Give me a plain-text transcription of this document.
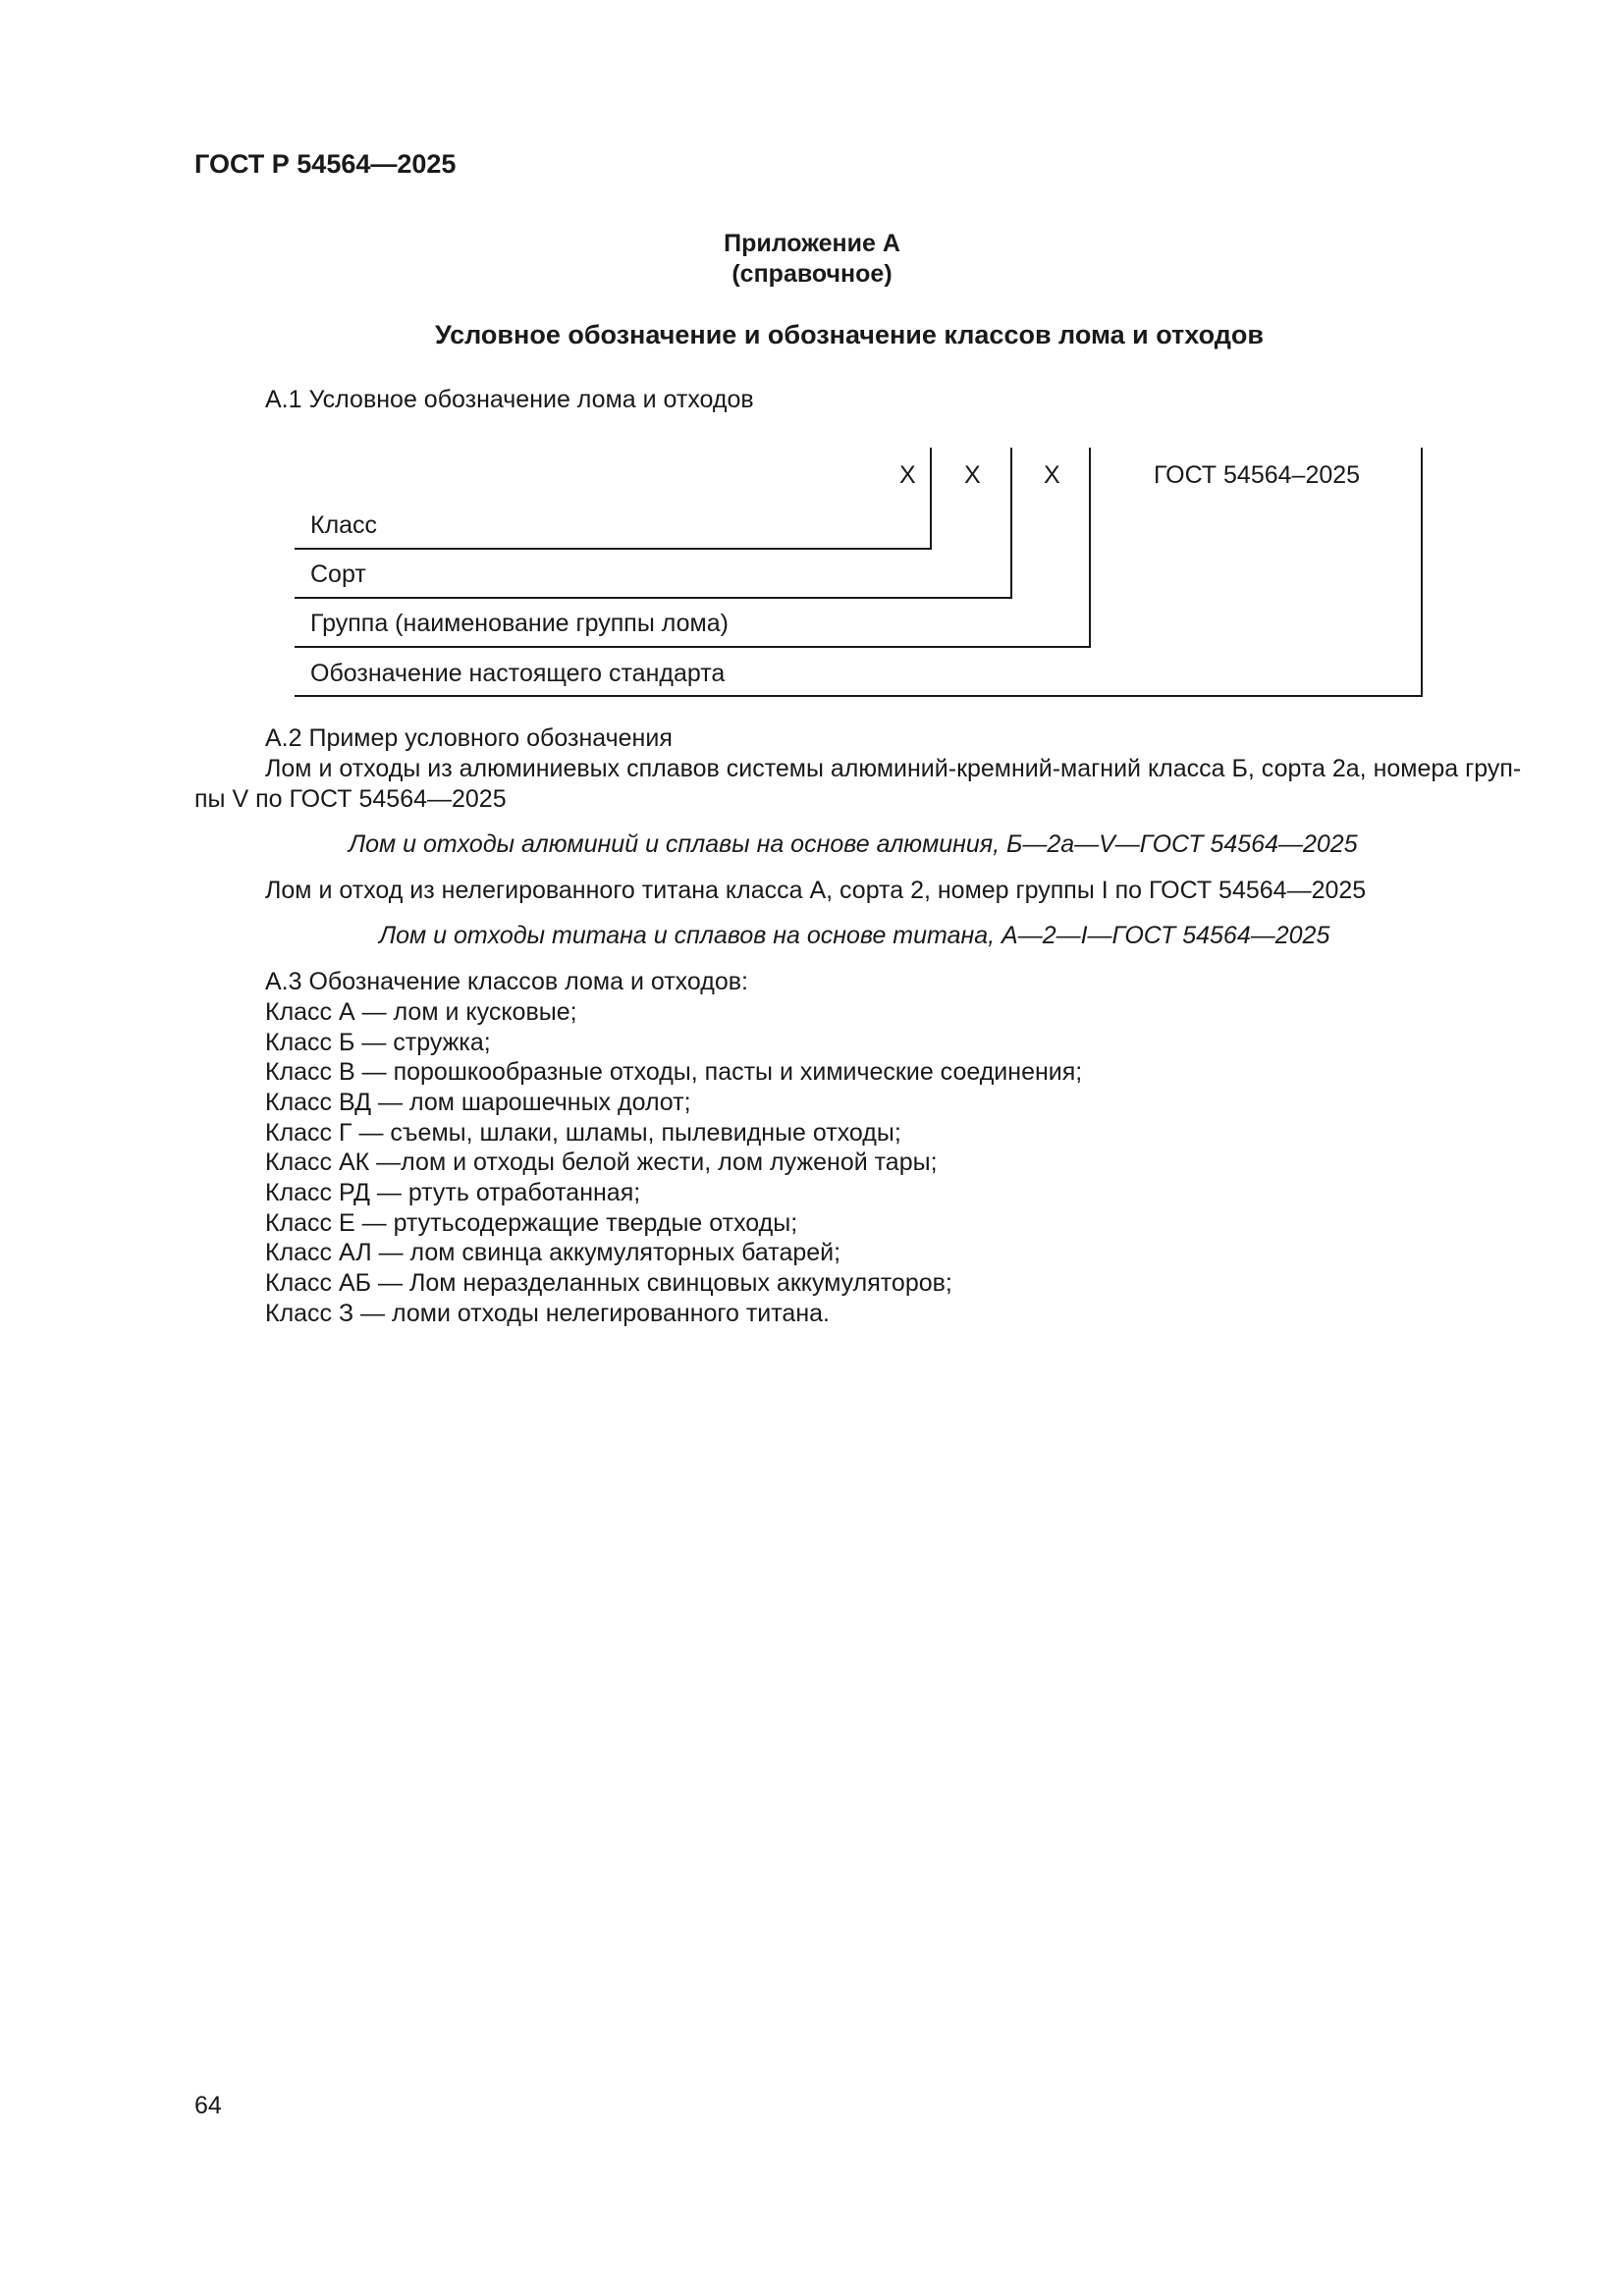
ГОСТ Р 54564—2025
Приложение А
(справочное)
Условное обозначение и обозначение классов лома и отходов
А.1 Условное обозначение лома и отходов
X X	X	ГОСТ 54564–2025
Класс
Сорт
Группа (наименование группы лома)
Обозначение настоящего стандарта
А.2 Пример условного обозначения
Лом и отходы из алюминиевых сплавов системы алюминий-кремний-магний класса Б, сорта 2а, номера груп-
пы V по ГОСТ 54564—2025
Лом и отходы алюминий и сплавы на основе алюминия, Б—2а—V—ГОСТ 54564—2025
Лом и отход из нелегированного титана класса А, сорта 2, номер группы I по ГОСТ 54564—2025
Лом и отходы титана и сплавов на основе титана, А—2—I—ГОСТ 54564—2025
А.3 Обозначение классов лома и отходов:
Класс А — лом и кусковые;
Класс Б — стружка;
Класс В — порошкообразные отходы, пасты и химические соединения;
Класс ВД — лом шарошечных долот;
Класс Г — съемы, шлаки, шламы, пылевидные отходы;
Класс АК —лом и отходы белой жести, лом луженой тары;
Класс РД — ртуть отработанная;
Класс Е — ртутьсодержащие твердые отходы;
Класс АЛ — лом свинца аккумуляторных батарей;
Класс АБ — Лом неразделанных свинцовых аккумуляторов;
Класс З — ломи отходы нелегированного титана.
64
